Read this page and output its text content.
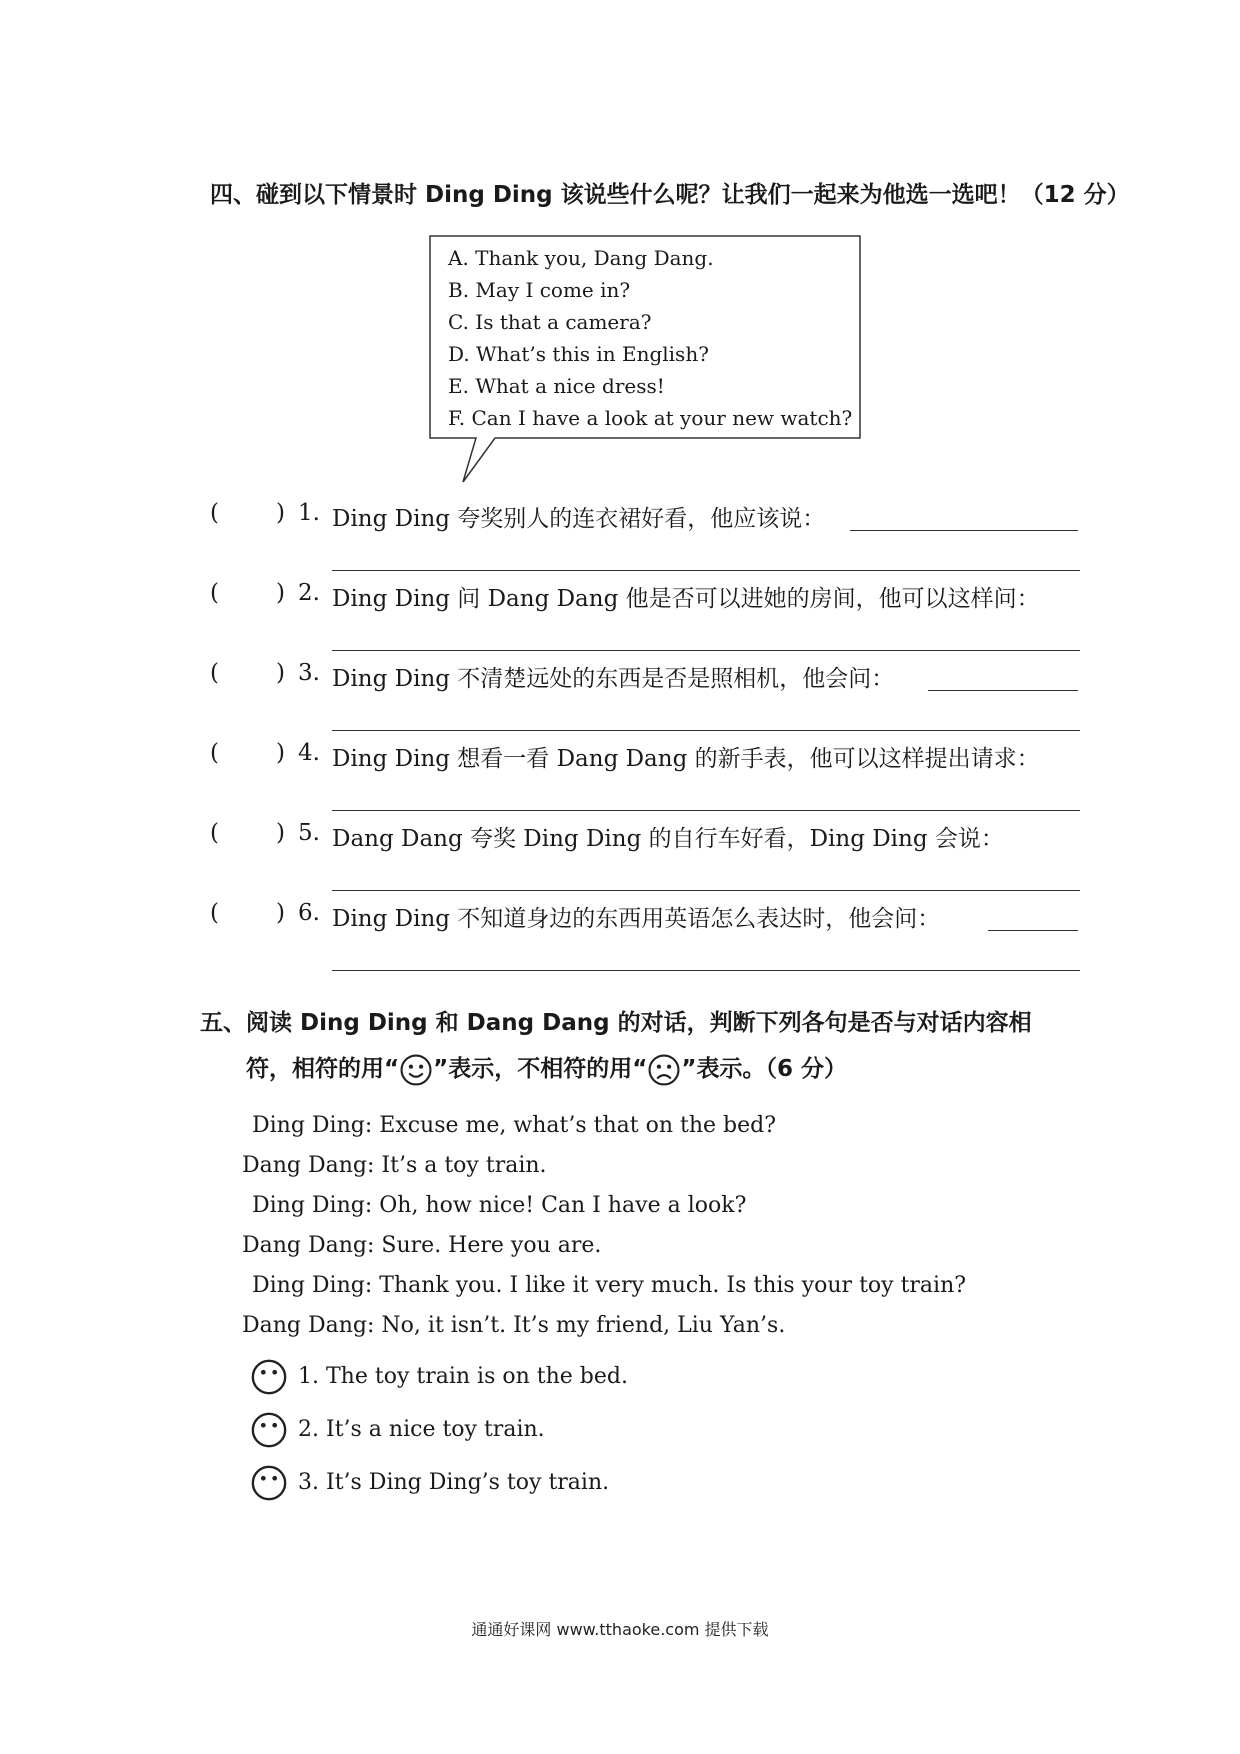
四、碰到以下情景时 Ding Ding 该说些什么呢？让我们一起来为他选一选吧！（12 分）
A. Thank you, Dang Dang.
B. May I come in?
C. Is that a camera?
D. What’s this in English?
E. What a nice dress!
F. Can I have a look at your new watch?
( ) 1. Ding Ding 夸奖别人的连衣裙好看，他应该说：
( ) 2. Ding Ding 问 Dang Dang 他是否可以进她的房间，他可以这样问：
( ) 3. Ding Ding 不清楚远处的东西是否是照相机，他会问：
( ) 4. Ding Ding 想看一看 Dang Dang 的新手表，他可以这样提出请求：
( ) 5. Dang Dang 夸奖 Ding Ding 的自行车好看，Ding Ding 会说：
( ) 6. Ding Ding 不知道身边的东西用英语怎么表达时，他会问：
五、阅读 Ding Ding 和 Dang Dang 的对话，判断下列各句是否与对话内容相
符，相符的用“ ”表示，不相符的用“ ”表示。（6 分）
Ding Ding: Excuse me, what’s that on the bed?
Dang Dang: It’s a toy train.
Ding Ding: Oh, how nice! Can I have a look?
Dang Dang: Sure. Here you are.
Ding Ding: Thank you. I like it very much. Is this your toy train?
Dang Dang: No, it isn’t. It’s my friend, Liu Yan’s.
1. The toy train is on the bed.
2. It’s a nice toy train.
3. It’s Ding Ding’s toy train.
通通好课网 www.tthaoke.com 提供下载
